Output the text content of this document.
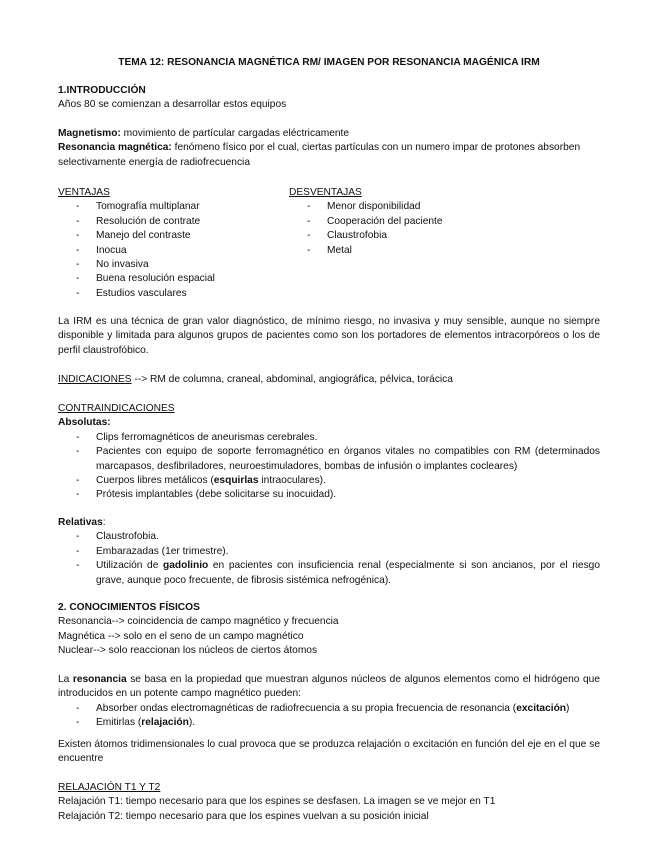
TEMA 12: RESONANCIA MAGNÉTICA RM/ IMAGEN POR RESONANCIA MAGÉNICA IRM
1.INTRODUCCIÓN
Años 80 se comienzan a desarrollar estos equipos
Magnetismo: movimiento de partícular cargadas eléctricamente
Resonancia magnética: fenómeno físico por el cual, ciertas partículas con un numero impar de protones absorben selectivamente energía de radiofrecuencia
VENTAJAS
- Tomografía multiplanar
- Resolución de contrate
- Manejo del contraste
- Inocua
- No invasiva
- Buena resolución espacial
- Estudios vasculares
DESVENTAJAS
- Menor disponibilidad
- Cooperación del paciente
- Claustrofobia
- Metal
La IRM es una técnica de gran valor diagnóstico, de mínimo riesgo, no invasiva y muy sensible, aunque no siempre disponible y limitada para algunos grupos de pacientes como son los portadores de elementos intracorpóreos o los de perfil claustrofóbico.
INDICACIONES --> RM de columna, craneal, abdominal, angiográfica, pélvica, torácica
CONTRAINDICACIONES
Absolutas:
- Clips ferromagnéticos de aneurismas cerebrales.
- Pacientes con equipo de soporte ferromagnético en órganos vitales no compatibles con RM (determinados marcapasos, desfibriladores, neuroestimuladores, bombas de infusión o implantes cocleares)
- Cuerpos libres metálicos (esquirlas intraoculares).
- Prótesis implantables (debe solicitarse su inocuidad).
Relativas:
- Claustrofobia.
- Embarazadas (1er trimestre).
- Utilización de gadolinio en pacientes con insuficiencia renal (especialmente si son ancianos, por el riesgo grave, aunque poco frecuente, de fibrosis sistémica nefrogénica).
2. CONOCIMIENTOS FÍSICOS
Resonancia--> coincidencia de campo magnético y frecuencia
Magnética --> solo en el seno de un campo magnético
Nuclear--> solo reaccionan los núcleos de ciertos átomos
La resonancia se basa en la propiedad que muestran algunos núcleos de algunos elementos como el hidrógeno que introducidos en un potente campo magnético pueden:
- Absorber ondas electromagnéticas de radiofrecuencia a su propia frecuencia de resonancia (excitación)
- Emitirlas (relajación).
Existen átomos tridimensionales lo cual provoca que se produzca relajación o excitación en función del eje en el que se encuentre
RELAJACIÓN T1 Y T2
Relajación T1: tiempo necesario para que los espines se desfasen. La imagen se ve mejor en T1
Relajación T2: tiempo necesario para que los espines vuelvan a su posición inicial
